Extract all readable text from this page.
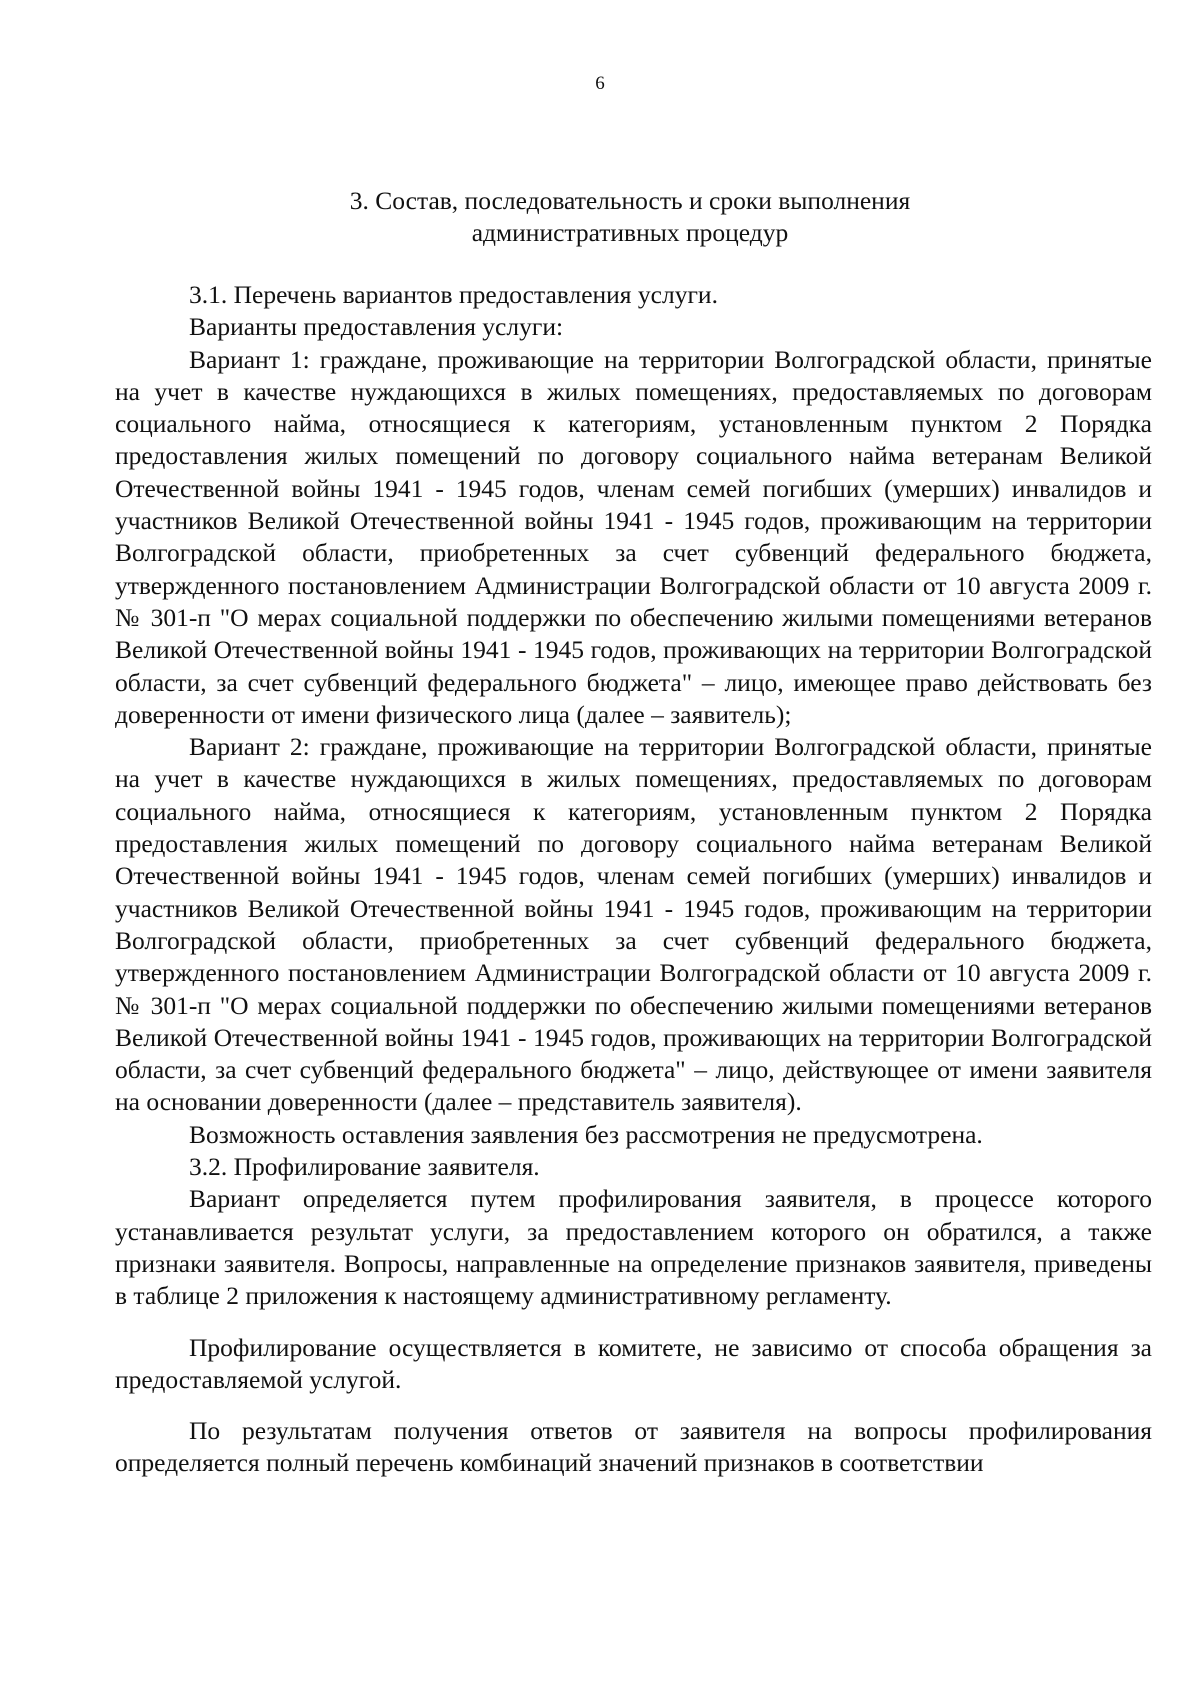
6
3. Состав, последовательность и сроки выполнения
административных процедур

3.1. Перечень вариантов предоставления услуги.

Варианты предоставления услуги:

Вариант 1: граждане, проживающие на территории Волгоградской области, принятые на учет в качестве нуждающихся в жилых помещениях, предоставляемых по договорам социального найма, относящиеся к категориям, установленным пунктом 2 Порядка предоставления жилых помещений по договору социального найма ветеранам Великой Отечественной войны 1941 - 1945 годов, членам семей погибших (умерших) инвалидов и участников Великой Отечественной войны 1941 - 1945 годов, проживающим на территории Волгоградской области, приобретенных за счет субвенций федерального бюджета, утвержденного постановлением Администрации Волгоградской области от 10 августа 2009 г. № 301-п "О мерах социальной поддержки по обеспечению жилыми помещениями ветеранов Великой Отечественной войны 1941 - 1945 годов, проживающих на территории Волгоградской области, за счет субвенций федерального бюджета" – лицо, имеющее право действовать без доверенности от имени физического лица (далее – заявитель);

Вариант 2: граждане, проживающие на территории Волгоградской области, принятые на учет в качестве нуждающихся в жилых помещениях, предоставляемых по договорам социального найма, относящиеся к категориям, установленным пунктом 2 Порядка предоставления жилых помещений по договору социального найма ветеранам Великой Отечественной войны 1941 - 1945 годов, членам семей погибших (умерших) инвалидов и участников Великой Отечественной войны 1941 - 1945 годов, проживающим на территории Волгоградской области, приобретенных за счет субвенций федерального бюджета, утвержденного постановлением Администрации Волгоградской области от 10 августа 2009 г. № 301-п "О мерах социальной поддержки по обеспечению жилыми помещениями ветеранов Великой Отечественной войны 1941 - 1945 годов, проживающих на территории Волгоградской области, за счет субвенций федерального бюджета" – лицо, действующее от имени заявителя на основании доверенности (далее – представитель заявителя).

Возможность оставления заявления без рассмотрения не предусмотрена.

3.2. Профилирование заявителя.

Вариант определяется путем профилирования заявителя, в процессе которого устанавливается результат услуги, за предоставлением которого он обратился, а также признаки заявителя. Вопросы, направленные на определение признаков заявителя, приведены в таблице 2 приложения к настоящему административному регламенту.

Профилирование осуществляется в комитете, не зависимо от способа обращения за предоставляемой услугой.

По результатам получения ответов от заявителя на вопросы профилирования определяется полный перечень комбинаций значений признаков в соответствии
